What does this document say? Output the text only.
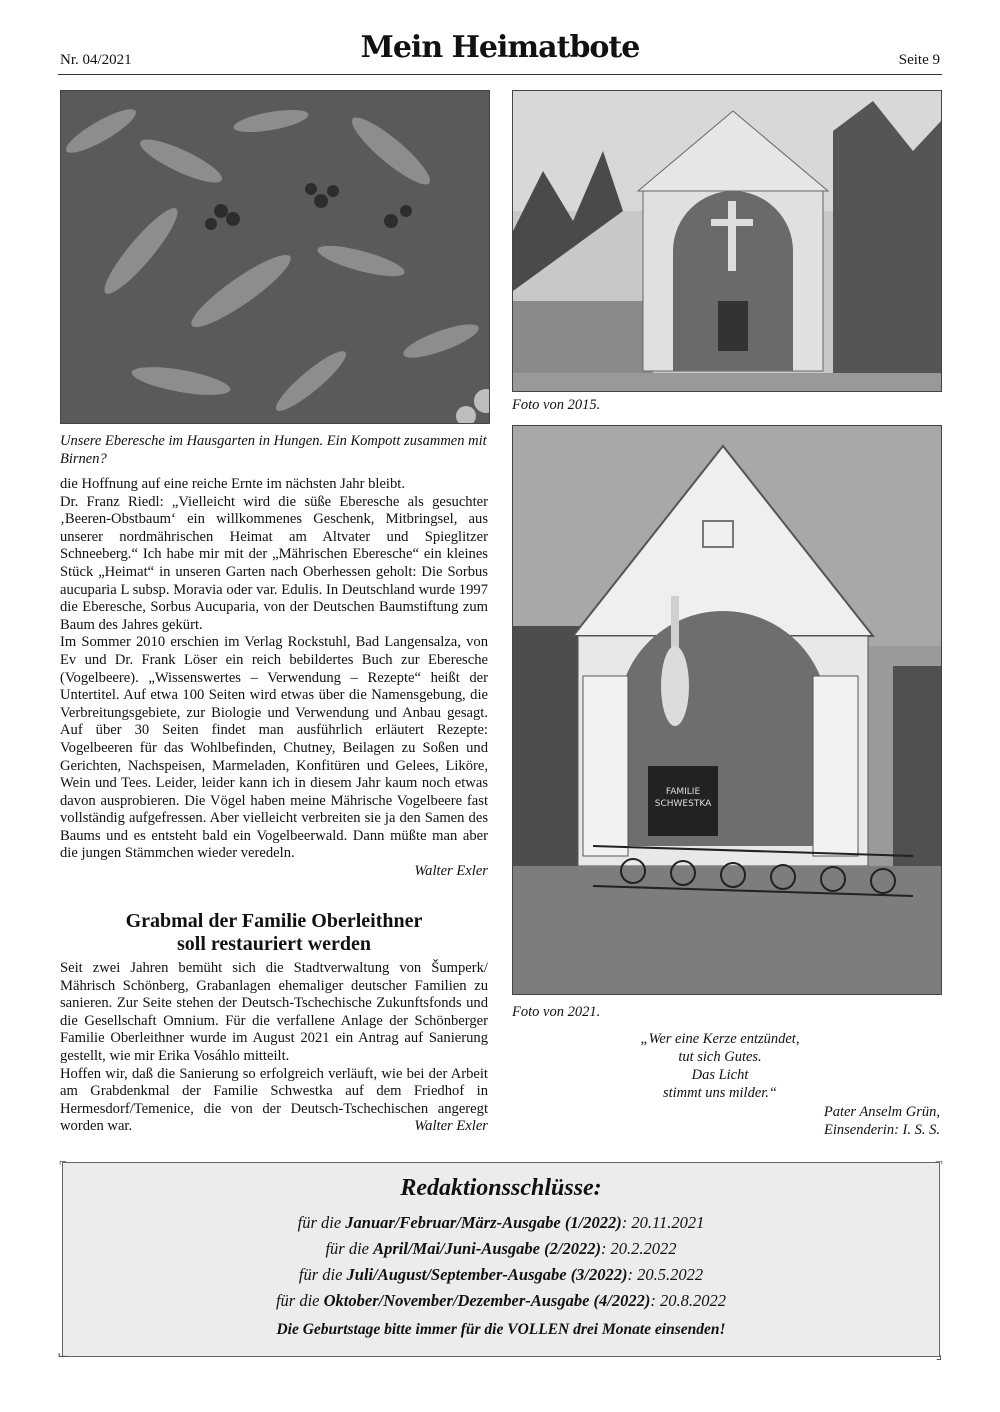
Nr. 04/2021	Mein Heimatbote	Seite 9
Unsere Eberesche im Hausgarten in Hungen. Ein Kompott zusammen mit Birnen?

die Hoffnung auf eine reiche Ernte im nächsten Jahr bleibt.

Dr. Franz Riedl: „Vielleicht wird die süße Eberesche als gesuchter ‚Beeren-Obstbaum‘ ein willkommenes Geschenk, Mitbringsel, aus unserer nordmährischen Heimat am Altvater und Spieglitzer Schneeberg.“ Ich habe mir mit der „Mährischen Eberesche“ ein kleines Stück „Heimat“ in unseren Garten nach Oberhessen geholt: Die Sorbus aucuparia L subsp. Moravia oder var. Edulis. In Deutschland wurde 1997 die Eberesche, Sorbus Aucuparia, von der Deutschen Baumstiftung zum Baum des Jahres gekürt.

Im Sommer 2010 erschien im Verlag Rockstuhl, Bad Langensalza, von Ev und Dr. Frank Löser ein reich bebildertes Buch zur Eberesche (Vogelbeere). „Wissenswertes – Verwendung – Rezepte“ heißt der Untertitel. Auf etwa 100 Seiten wird etwas über die Namensgebung, die Verbreitungsgebiete, zur Biologie und Verwendung und Anbau gesagt. Auf über 30 Seiten findet man ausführlich erläutert Rezepte: Vogelbeeren für das Wohlbefinden, Chutney, Beilagen zu Soßen und Gerichten, Nachspeisen, Marmeladen, Konfitüren und Gelees, Liköre, Wein und Tees. Leider, leider kann ich in diesem Jahr kaum noch etwas davon ausprobieren. Die Vögel haben meine Mährische Vogelbeere fast vollständig aufgefressen. Aber vielleicht verbreiten sie ja den Samen des Baums und es entsteht bald ein Vogelbeerwald. Dann müßte man aber die jungen Stämmchen wieder veredeln.

Walter Exler

Grabmal der Familie Oberleithner
soll restauriert werden

Seit zwei Jahren bemüht sich die Stadtverwaltung von Šumperk/ Mährisch Schönberg, Grabanlagen ehemaliger deutscher Familien zu sanieren. Zur Seite stehen der Deutsch-Tschechische Zukunftsfonds und die Gesellschaft Omnium. Für die verfallene Anlage der Schönberger Familie Oberleithner wurde im August 2021 ein Antrag auf Sanierung gestellt, wie mir Erika Vosáhlo mitteilt.

Hoffen wir, daß die Sanierung so erfolgreich verläuft, wie bei der Arbeit am Grabdenkmal der Familie Schwestka auf dem Friedhof in Hermesdorf/Temenice, die von der Deutsch-Tschechischen angeregt worden war.	Walter Exler

Foto von 2015.
FAMILIE
SCHWESTKA
Foto von 2021.
„Wer eine Kerze entzündet,
tut sich Gutes.
Das Licht
stimmt uns milder.“
Pater Anselm Grün,
Einsenderin: I. S. S.
⌐	¬
⌙	⌟
Redaktionsschlüsse:
für die Januar/Februar/März-Ausgabe (1/2022): 20.11.2021
für die April/Mai/Juni-Ausgabe (2/2022): 20.2.2022
für die Juli/August/September-Ausgabe (3/2022): 20.5.2022
für die Oktober/November/Dezember-Ausgabe (4/2022): 20.8.2022
Die Geburtstage bitte immer für die VOLLEN drei Monate einsenden!
